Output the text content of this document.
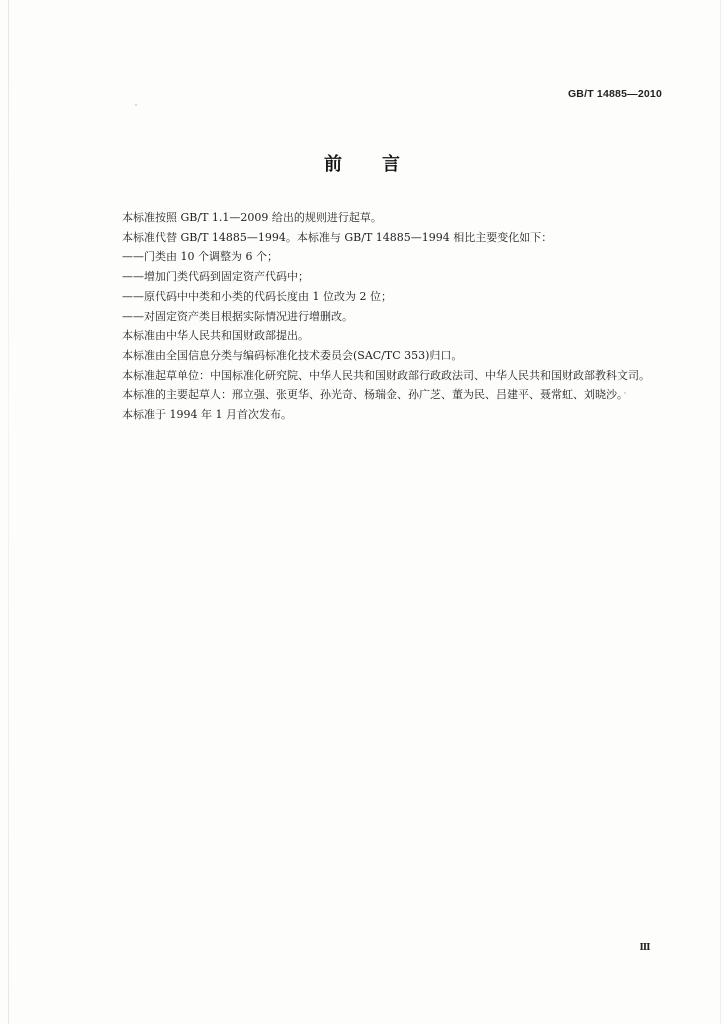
GB/T 14885—2010
前 言

本标准按照 GB/T 1.1—2009 给出的规则进行起草。

本标准代替 GB/T 14885—1994。本标准与 GB/T 14885—1994 相比主要变化如下：

——门类由 10 个调整为 6 个；

——增加门类代码到固定资产代码中；

——原代码中中类和小类的代码长度由 1 位改为 2 位；

——对固定资产类目根据实际情况进行增删改。

本标准由中华人民共和国财政部提出。

本标准由全国信息分类与编码标准化技术委员会(SAC/TC 353)归口。

本标准起草单位：中国标准化研究院、中华人民共和国财政部行政政法司、中华人民共和国财政部教科文司。

本标准的主要起草人：邢立强、张更华、孙光奇、杨瑞金、孙广芝、董为民、吕建平、聂常虹、刘晓沙。

本标准于 1994 年 1 月首次发布。

Ⅲ
